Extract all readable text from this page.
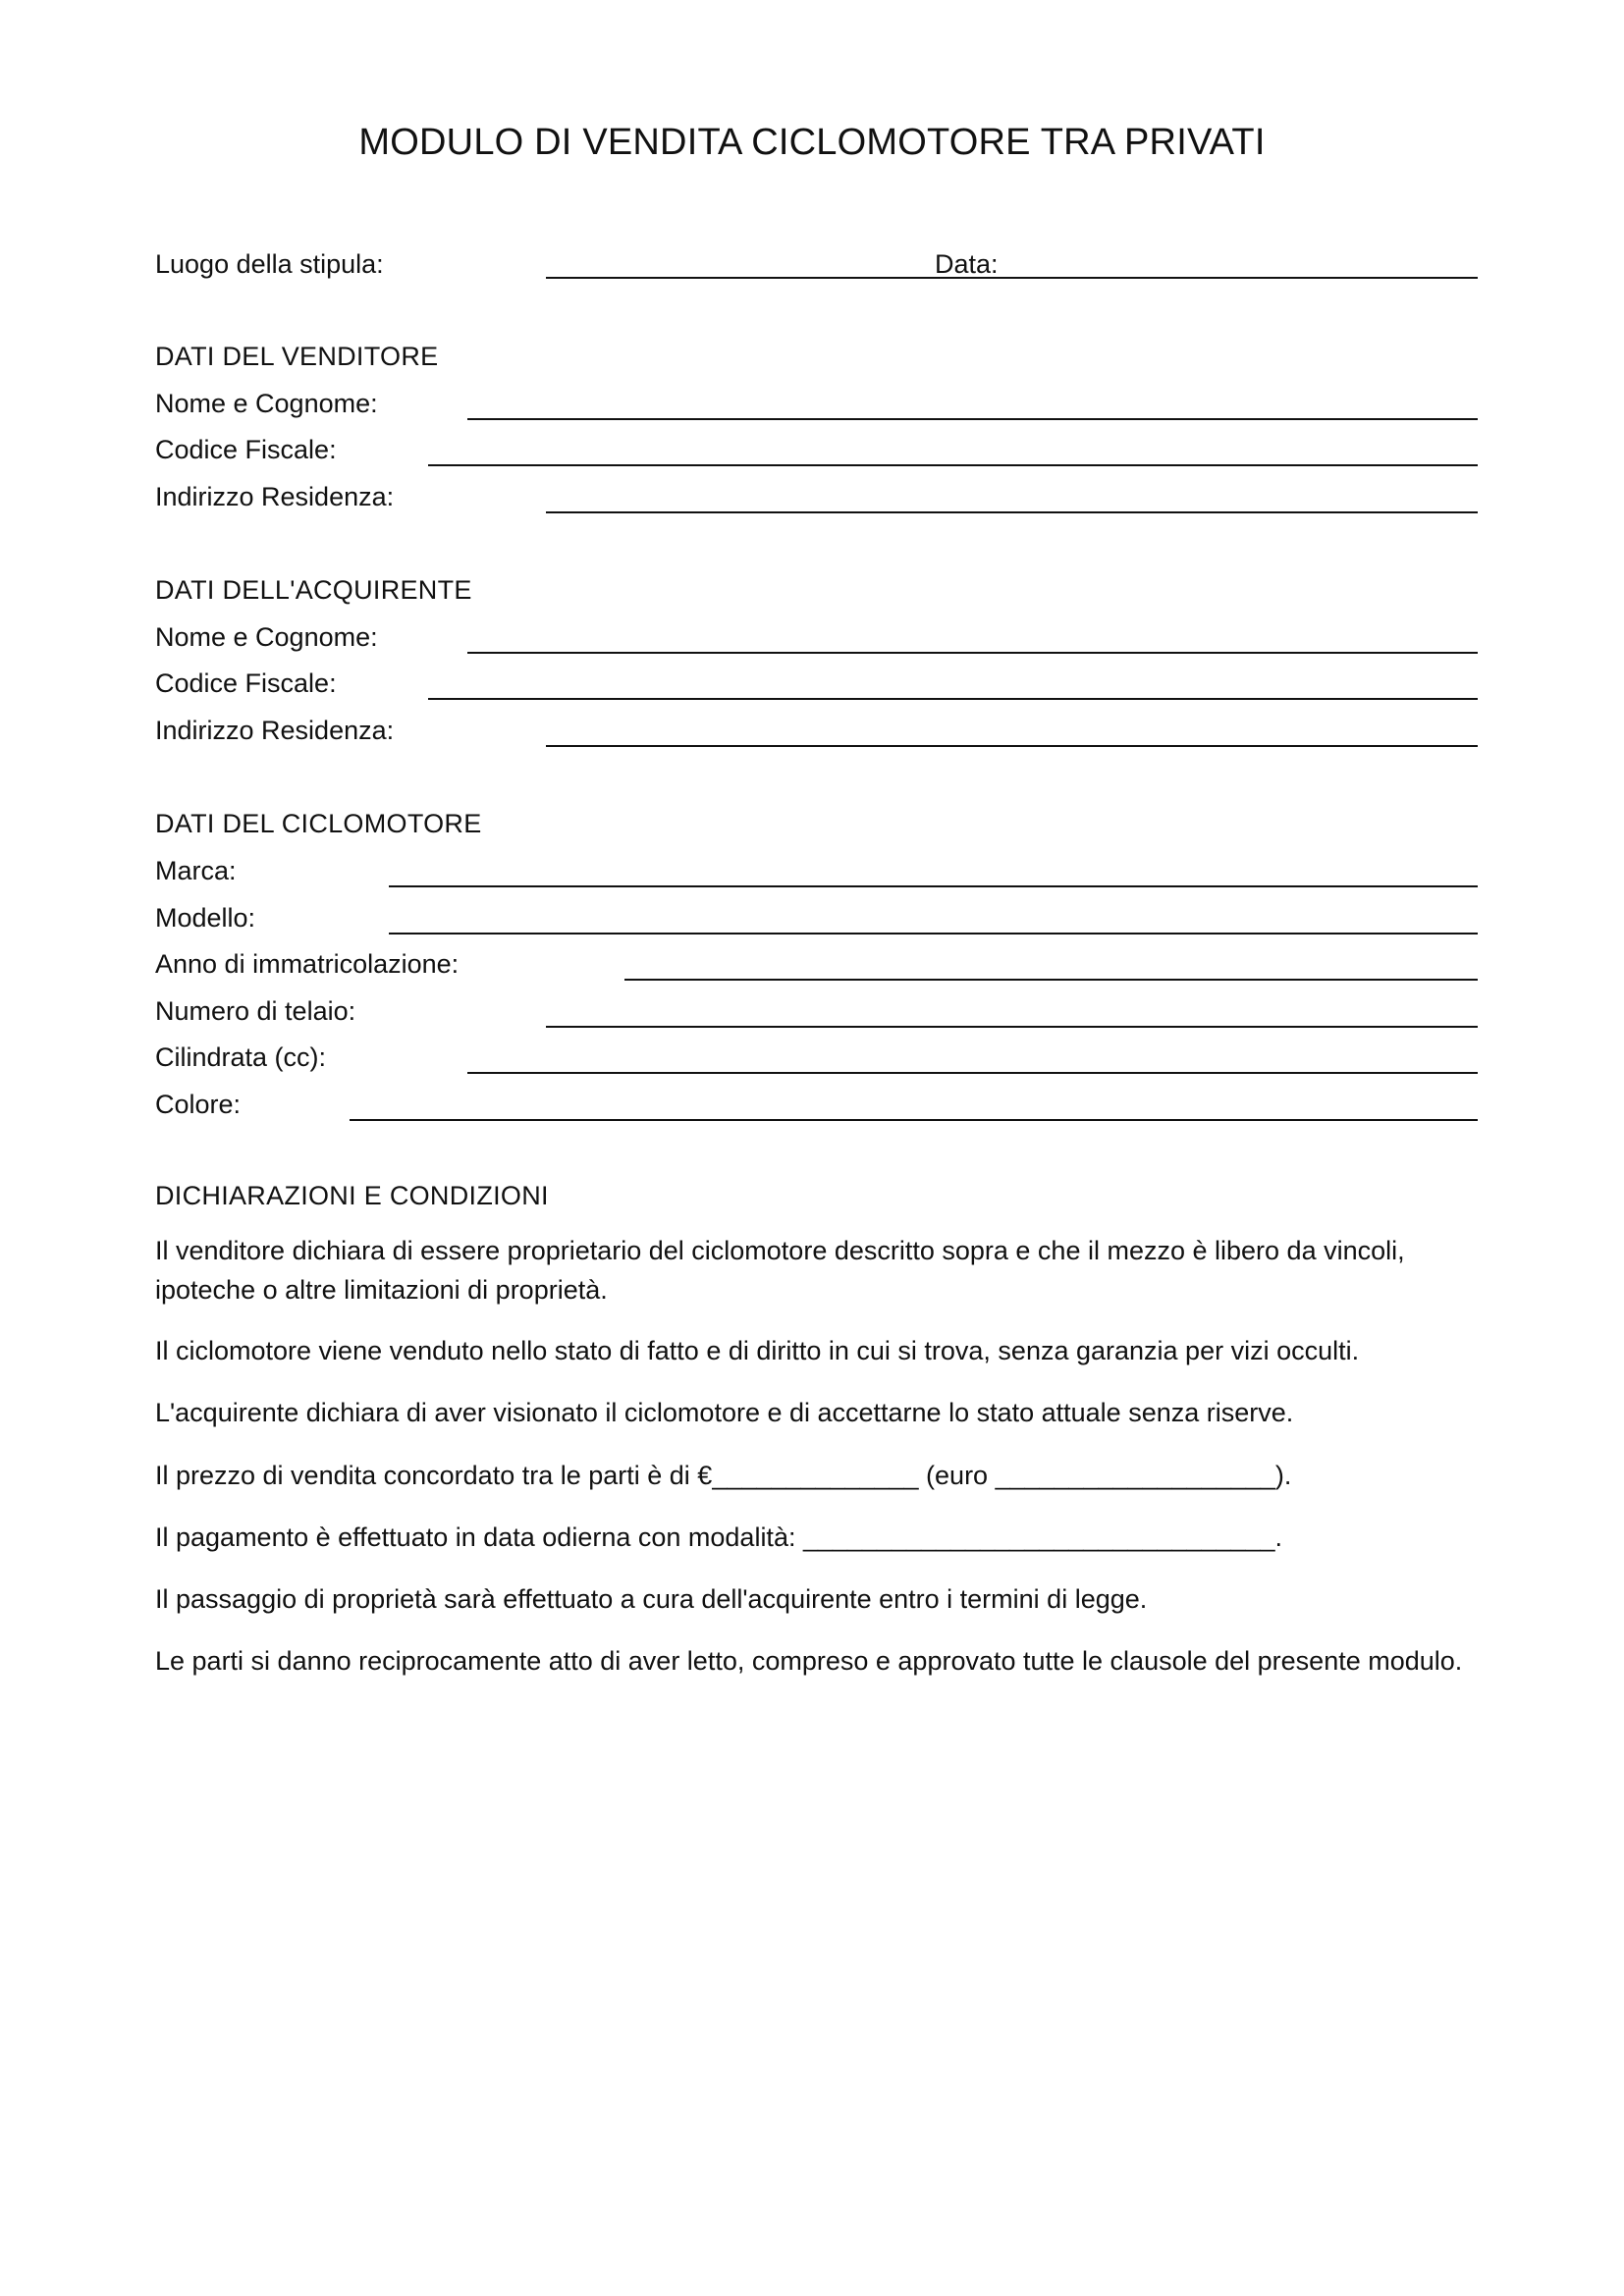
MODULO DI VENDITA CICLOMOTORE TRA PRIVATI
Luogo della stipula:	Data:
DATI DEL VENDITORE
Nome e Cognome:
Codice Fiscale:
Indirizzo Residenza:
DATI DELL'ACQUIRENTE
Nome e Cognome:
Codice Fiscale:
Indirizzo Residenza:
DATI DEL CICLOMOTORE
Marca:
Modello:
Anno di immatricolazione:
Numero di telaio:
Cilindrata (cc):
Colore:
DICHIARAZIONI E CONDIZIONI
Il venditore dichiara di essere proprietario del ciclomotore descritto sopra e che il mezzo è libero da vincoli, ipoteche o altre limitazioni di proprietà.
Il ciclomotore viene venduto nello stato di fatto e di diritto in cui si trova, senza garanzia per vizi occulti.
L'acquirente dichiara di aver visionato il ciclomotore e di accettarne lo stato attuale senza riserve.
Il prezzo di vendita concordato tra le parti è di €______________ (euro ___________________).
Il pagamento è effettuato in data odierna con modalità: ________________________________.
Il passaggio di proprietà sarà effettuato a cura dell'acquirente entro i termini di legge.
Le parti si danno reciprocamente atto di aver letto, compreso e approvato tutte le clausole del presente modulo.
